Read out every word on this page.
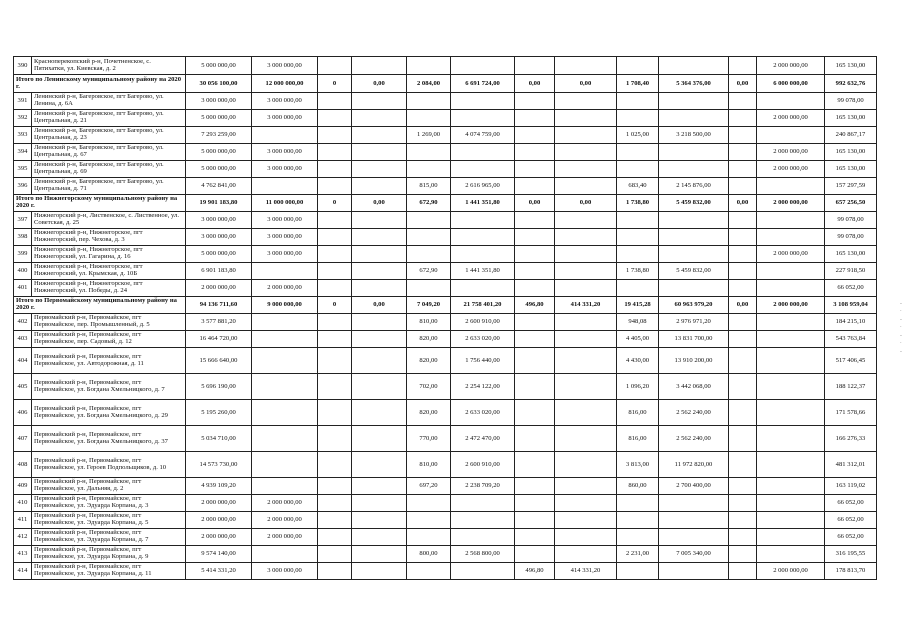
390	Красноперекопский р-н, Почетненское, с. Пятихатки, ул. Киевская, д. 2	5 000 000,00	3 000 000,00										2 000 000,00	165 130,00
Итого по Ленинскому муниципальному району на 2020 г.		30 056 100,00	12 000 000,00	0	0,00	2 084,00	6 691 724,00	0,00	0,00	1 708,40	5 364 376,00	0,00	6 000 000,00	992 632,76
391	Ленинский р-н, Багеровское, пгт Багерово, ул. Ленина, д. 6А	3 000 000,00	3 000 000,00											99 078,00
392	Ленинский р-н, Багеровское, пгт Багерово, ул. Центральная, д. 21	5 000 000,00	3 000 000,00										2 000 000,00	165 130,00
393	Ленинский р-н, Багеровское, пгт Багерово, ул. Центральная, д. 23	7 293 259,00				1 269,00	4 074 759,00			1 025,00	3 218 500,00			240 867,17
394	Ленинский р-н, Багеровское, пгт Багерово, ул. Центральная, д. 67	5 000 000,00	3 000 000,00										2 000 000,00	165 130,00
395	Ленинский р-н, Багеровское, пгт Багерово, ул. Центральная, д. 69	5 000 000,00	3 000 000,00										2 000 000,00	165 130,00
396	Ленинский р-н, Багеровское, пгт Багерово, ул. Центральная, д. 71	4 762 841,00				815,00	2 616 965,00			683,40	2 145 876,00			157 297,59
Итого по Нижнегорскому муниципальному району на 2020 г.		19 901 183,80	11 000 000,00	0	0,00	672,90	1 441 351,80	0,00	0,00	1 738,80	5 459 832,00	0,00	2 000 000,00	657 256,50
397	Нижнегорский р-н, Лиственское, с. Лиственное, ул. Советская, д. 25	3 000 000,00	3 000 000,00											99 078,00
398	Нижнегорский р-н, Нижнегорское, пгт Нижнегорский, пер. Чехова, д. 3	3 000 000,00	3 000 000,00											99 078,00
399	Нижнегорский р-н, Нижнегорское, пгт Нижнегорский, ул. Гагарина, д. 16	5 000 000,00	3 000 000,00										2 000 000,00	165 130,00
400	Нижнегорский р-н, Нижнегорское, пгт Нижнегорский, ул. Крымская, д. 10Б	6 901 183,80				672,90	1 441 351,80			1 738,80	5 459 832,00			227 918,50
401	Нижнегорский р-н, Нижнегорское, пгт Нижнегорский, ул. Победы, д. 24	2 000 000,00	2 000 000,00											66 052,00
Итого по Первомайскому муниципальному району на 2020 г.		94 136 711,60	9 000 000,00	0	0,00	7 049,20	21 758 401,20	496,80	414 331,20	19 415,28	60 963 979,20	0,00	2 000 000,00	3 108 959,04
402	Первомайский р-н, Первомайское, пгт Первомайское, пер. Промышленный, д. 5	3 577 881,20				810,00	2 600 910,00			948,08	2 976 971,20			184 215,10
403	Первомайский р-н, Первомайское, пгт Первомайское, пер. Садовый, д. 12	16 464 720,00				820,00	2 633 020,00			4 405,00	13 831 700,00			543 763,84
404	Первомайский р-н, Первомайское, пгт Первомайское, ул. Автодорожная, д. 11	15 666 640,00				820,00	1 756 440,00			4 430,00	13 910 200,00			517 406,45
405	Первомайский р-н, Первомайское, пгт Первомайское, ул. Богдана Хмельницкого, д. 7	5 696 190,00				702,00	2 254 122,00			1 096,20	3 442 068,00			188 122,37
406	Первомайский р-н, Первомайское, пгт Первомайское, ул. Богдана Хмельницкого, д. 29	5 195 260,00				820,00	2 633 020,00			816,00	2 562 240,00			171 578,66
407	Первомайский р-н, Первомайское, пгт Первомайское, ул. Богдана Хмельницкого, д. 37	5 034 710,00				770,00	2 472 470,00			816,00	2 562 240,00			166 276,33
408	Первомайский р-н, Первомайское, пгт Первомайское, ул. Героев Подпольщиков, д. 10	14 573 730,00				810,00	2 600 910,00			3 813,00	11 972 820,00			481 312,01
409	Первомайский р-н, Первомайское, пгт Первомайское, ул. Дальняя, д. 2	4 939 109,20				697,20	2 238 709,20			860,00	2 700 400,00			163 119,02
410	Первомайский р-н, Первомайское, пгт Первомайское, ул. Эдуарда Корпана, д. 3	2 000 000,00	2 000 000,00											66 052,00
411	Первомайский р-н, Первомайское, пгт Первомайское, ул. Эдуарда Корпана, д. 5	2 000 000,00	2 000 000,00											66 052,00
412	Первомайский р-н, Первомайское, пгт Первомайское, ул. Эдуарда Корпана, д. 7	2 000 000,00	2 000 000,00											66 052,00
413	Первомайский р-н, Первомайское, пгт Первомайское, ул. Эдуарда Корпана, д. 9	9 574 140,00				800,00	2 568 800,00			2 231,00	7 005 340,00			316 195,55
414	Первомайский р-н, Первомайское, пгт Первомайское, ул. Эдуарда Корпана, д. 11	5 414 331,20	3 000 000,00					496,80	414 331,20				2 000 000,00	178 813,70
-
·
-
·
-
·
-
